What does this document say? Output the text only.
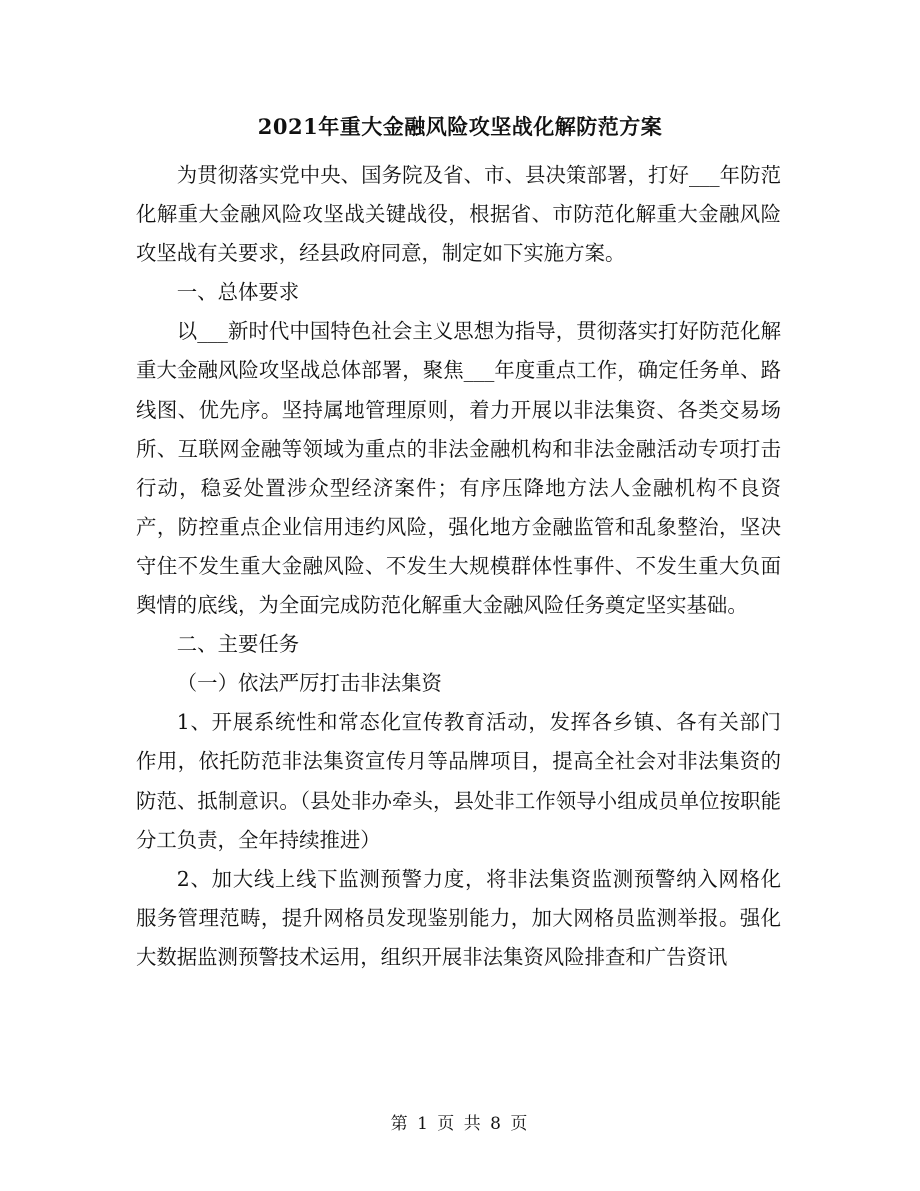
2021年重大金融风险攻坚战化解防范方案

为贯彻落实党中央、国务院及省、市、县决策部署，打好___年防范化解重大金融风险攻坚战关键战役，根据省、市防范化解重大金融风险攻坚战有关要求，经县政府同意，制定如下实施方案。

一、总体要求

以___新时代中国特色社会主义思想为指导，贯彻落实打好防范化解重大金融风险攻坚战总体部署，聚焦___年度重点工作，确定任务单、路线图、优先序。坚持属地管理原则，着力开展以非法集资、各类交易场所、互联网金融等领域为重点的非法金融机构和非法金融活动专项打击行动，稳妥处置涉众型经济案件；有序压降地方法人金融机构不良资产，防控重点企业信用违约风险，强化地方金融监管和乱象整治，坚决守住不发生重大金融风险、不发生大规模群体性事件、不发生重大负面舆情的底线，为全面完成防范化解重大金融风险任务奠定坚实基础。

二、主要任务

（一）依法严厉打击非法集资

1、开展系统性和常态化宣传教育活动，发挥各乡镇、各有关部门作用，依托防范非法集资宣传月等品牌项目，提高全社会对非法集资的防范、抵制意识。（县处非办牵头，县处非工作领导小组成员单位按职能分工负责，全年持续推进）

2、加大线上线下监测预警力度，将非法集资监测预警纳入网格化服务管理范畴，提升网格员发现鉴别能力，加大网格员监测举报。强化大数据监测预警技术运用，组织开展非法集资风险排查和广告资讯

第 1 页 共 8 页
